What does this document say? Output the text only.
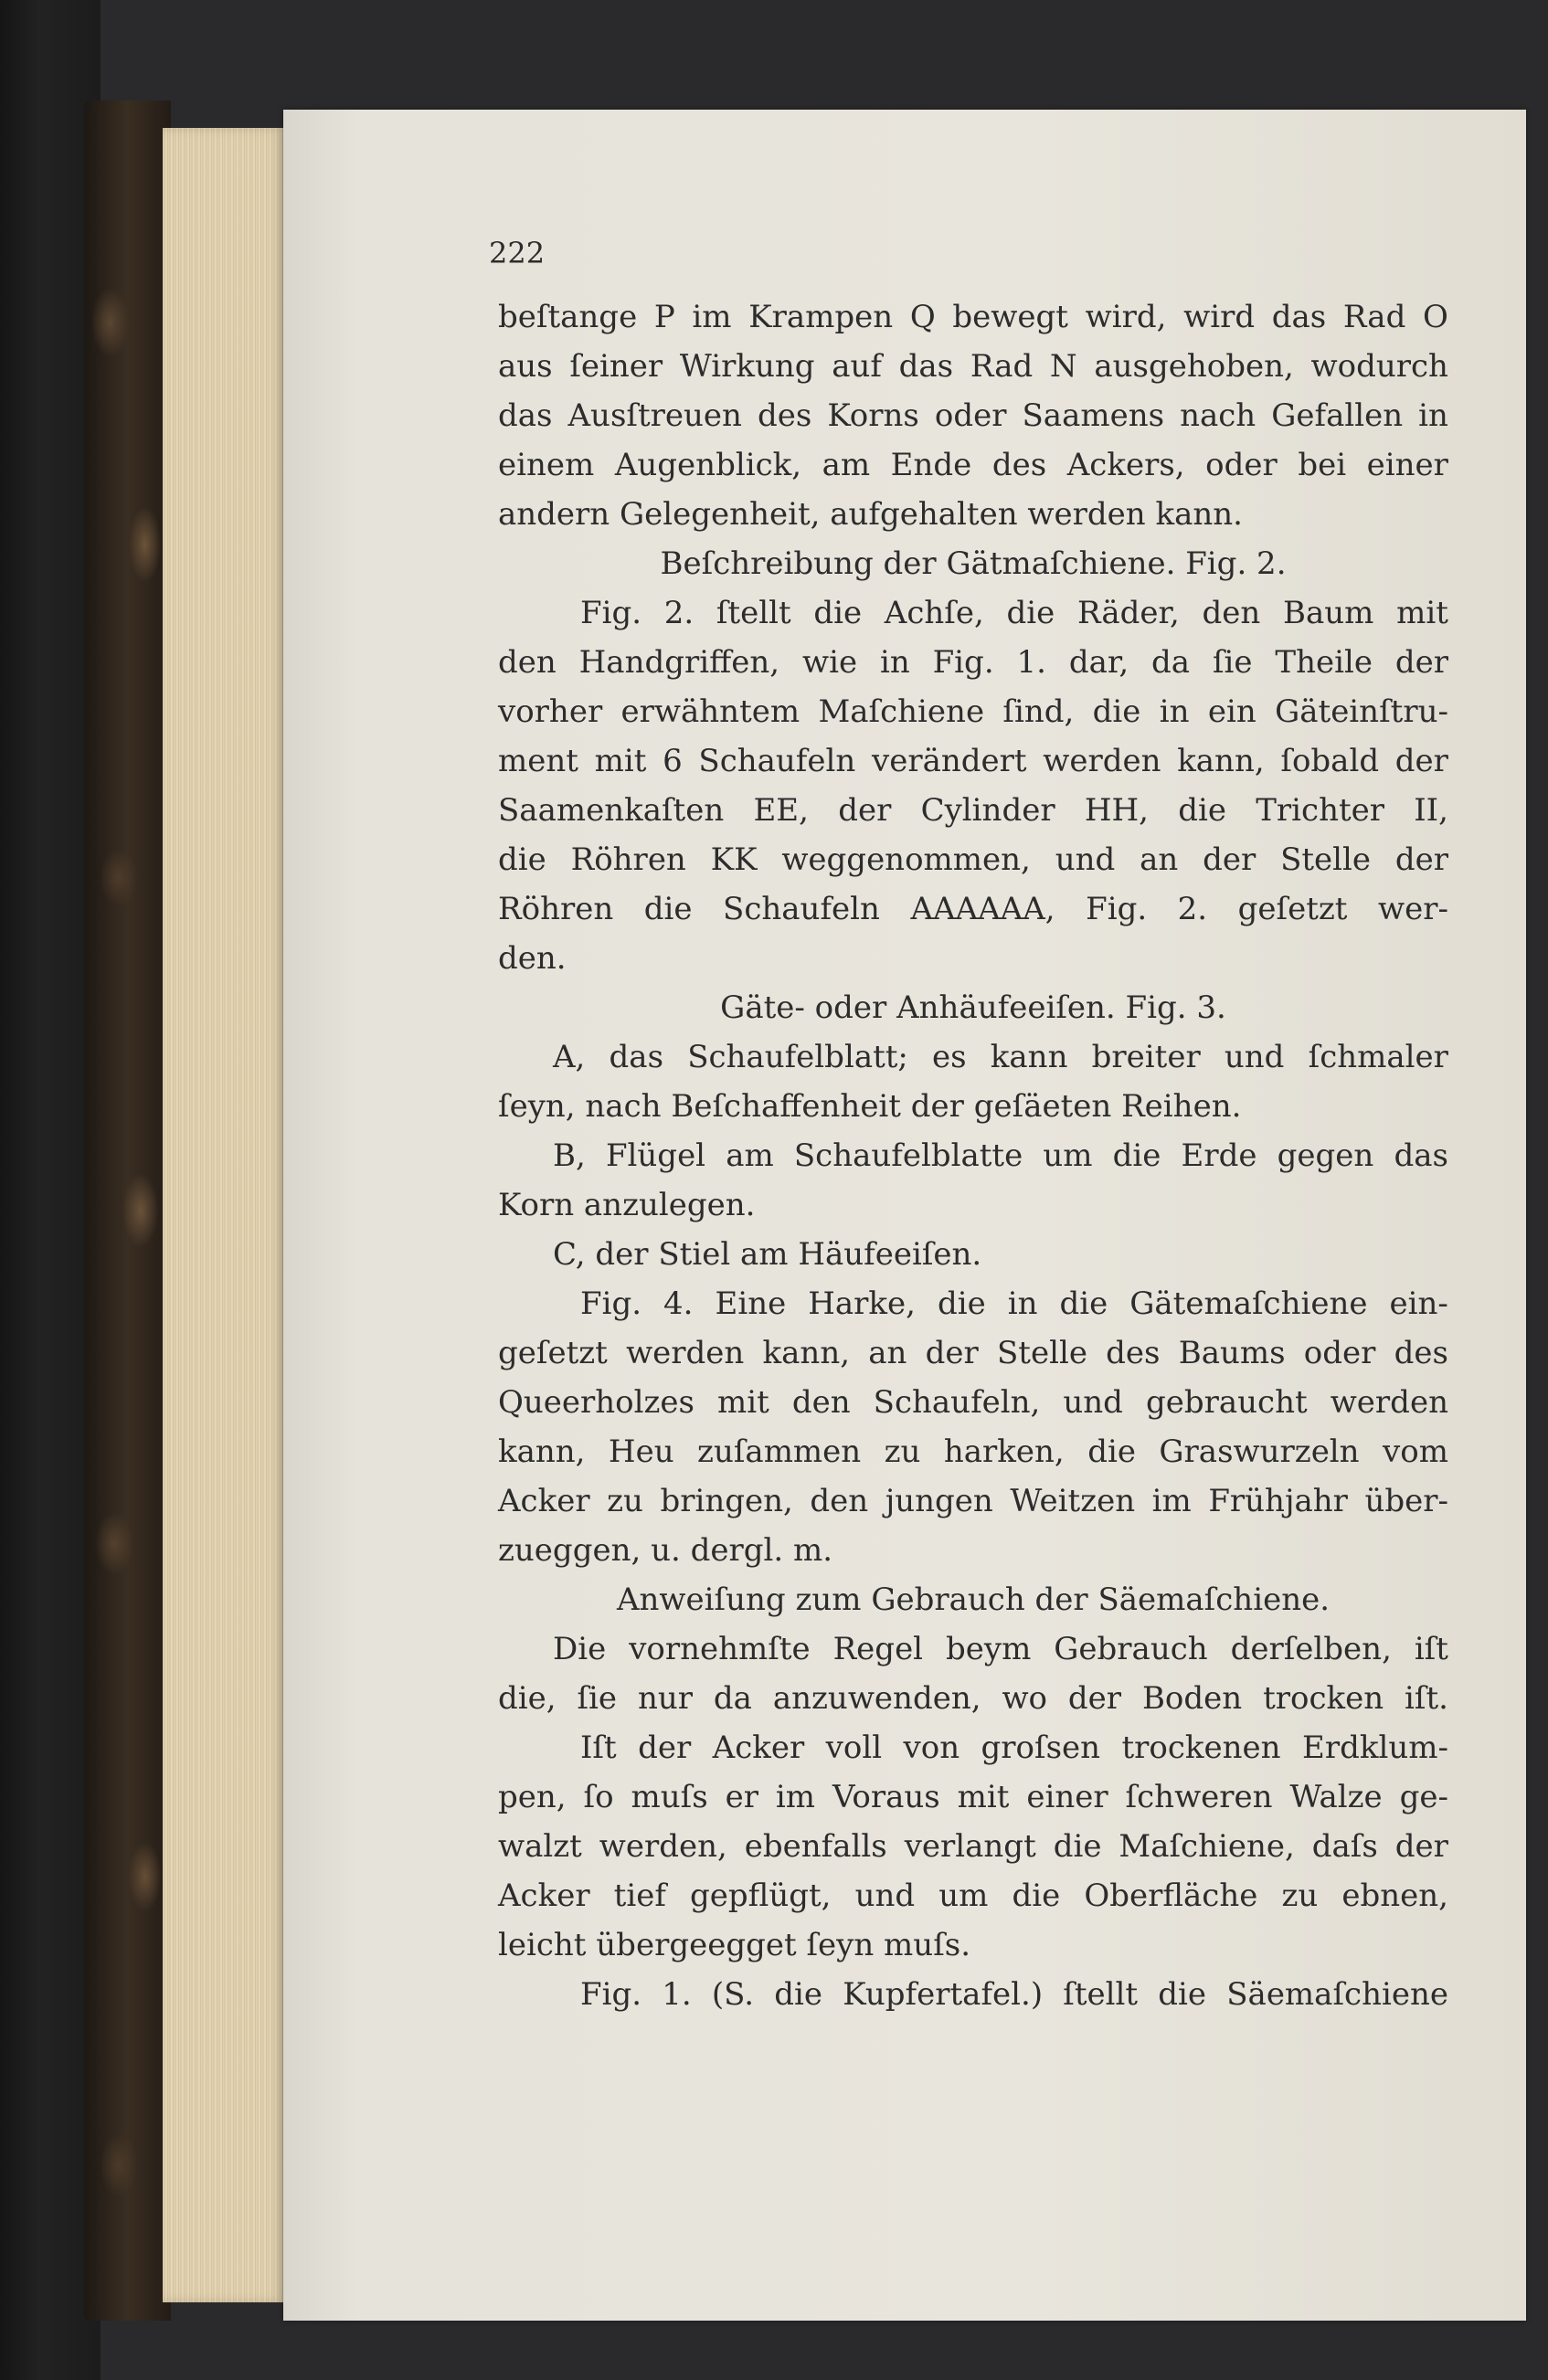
222
beſtange P im Krampen Q bewegt wird, wird das Rad O
aus ſeiner Wirkung auf das Rad N ausgehoben, wodurch
das Ausſtreuen des Korns oder Saamens nach Gefallen in
einem Augenblick, am Ende des Ackers, oder bei einer
andern Gelegenheit, aufgehalten werden kann.
Beſchreibung der Gätmaſchiene. Fig. 2.
Fig. 2. ſtellt die Achſe, die Räder, den Baum mit
den Handgriffen, wie in Fig. 1. dar, da ſie Theile der
vorher erwähntem Maſchiene ſind, die in ein Gäteinſtru-
ment mit 6 Schaufeln verändert werden kann, ſobald der
Saamenkaſten EE, der Cylinder HH, die Trichter II,
die Röhren KK weggenommen, und an der Stelle der
Röhren die Schaufeln AAAAAA, Fig. 2. geſetzt wer-
den.
Gäte- oder Anhäufeeiſen. Fig. 3.
A, das Schaufelblatt; es kann breiter und ſchmaler
ſeyn, nach Beſchaffenheit der geſäeten Reihen.
B, Flügel am Schaufelblatte um die Erde gegen das
Korn anzulegen.
C, der Stiel am Häufeeiſen.
Fig. 4. Eine Harke, die in die Gätemaſchiene ein-
geſetzt werden kann, an der Stelle des Baums oder des
Queerholzes mit den Schaufeln, und gebraucht werden
kann, Heu zuſammen zu harken, die Graswurzeln vom
Acker zu bringen, den jungen Weitzen im Frühjahr über-
zueggen, u. dergl. m.
Anweiſung zum Gebrauch der Säemaſchiene.
Die vornehmſte Regel beym Gebrauch derſelben, iſt
die, ſie nur da anzuwenden, wo der Boden trocken iſt.
Iſt der Acker voll von groſsen trockenen Erdklum-
pen, ſo muſs er im Voraus mit einer ſchweren Walze ge-
walzt werden, ebenfalls verlangt die Maſchiene, daſs der
Acker tief gepflügt, und um die Oberfläche zu ebnen,
leicht übergeegget ſeyn muſs.
Fig. 1. (S. die Kupfertafel.) ſtellt die Säemaſchiene
